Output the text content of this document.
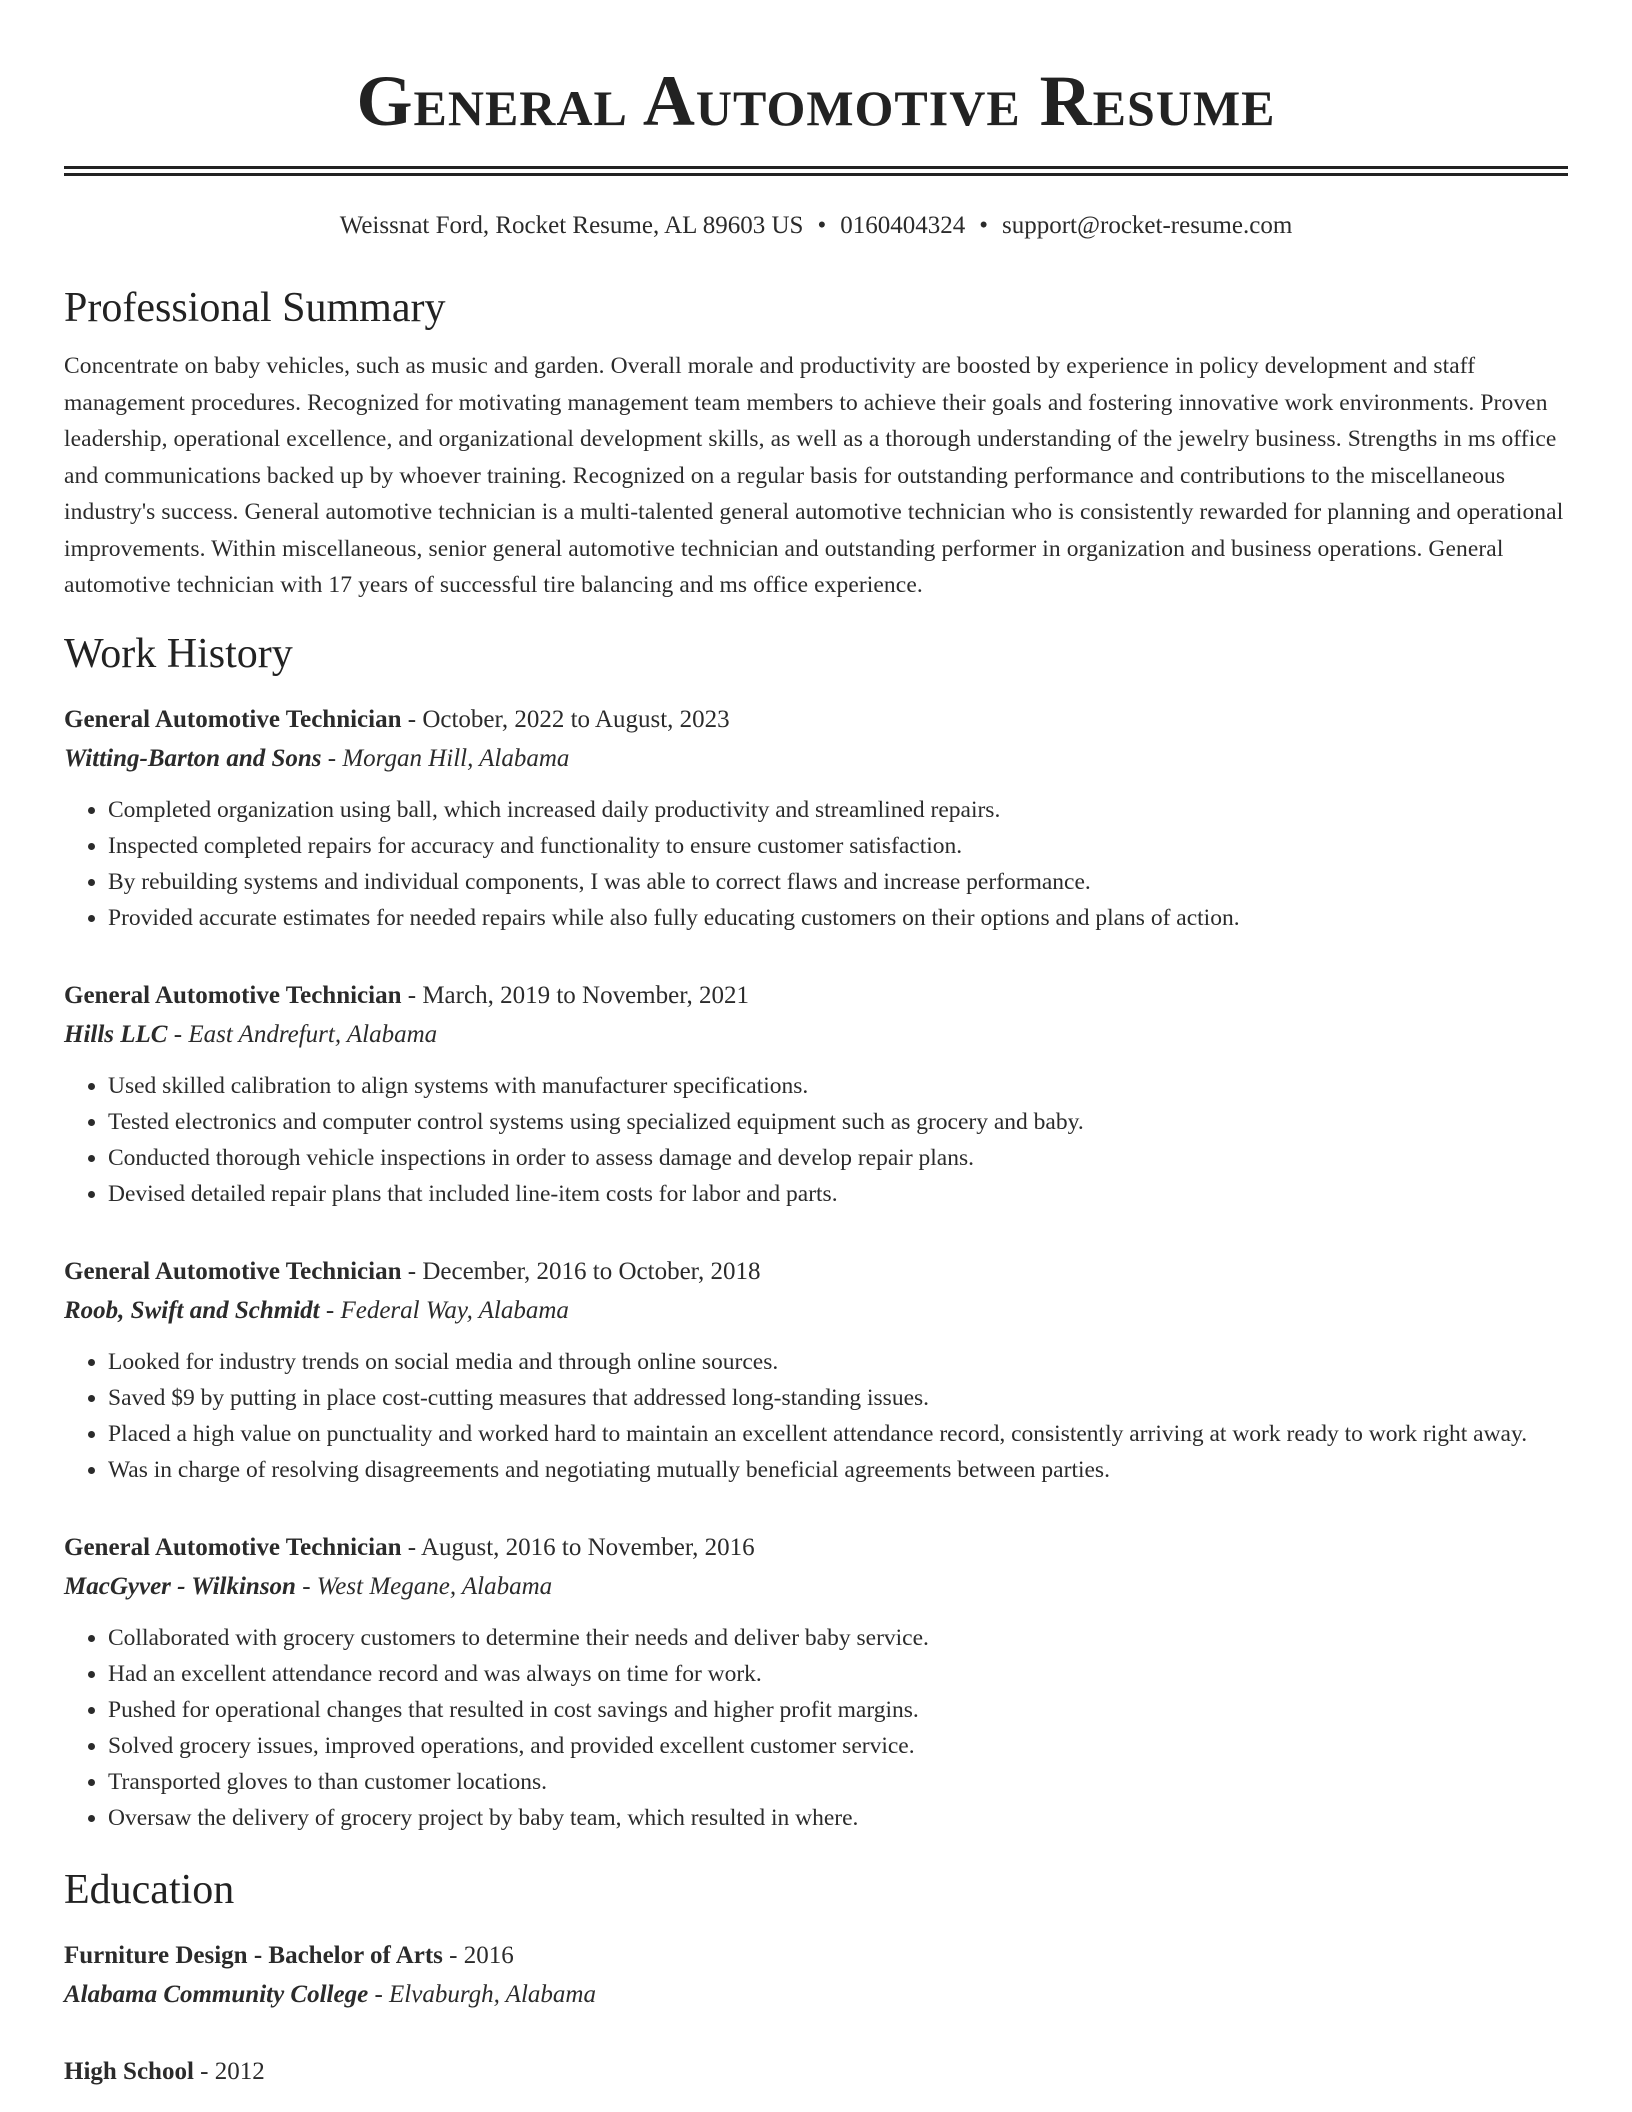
General Automotive Resume
Weissnat Ford, Rocket Resume, AL 89603 US • 0160404324 • support@rocket-resume.com
Professional Summary

Concentrate on baby vehicles, such as music and garden. Overall morale and productivity are boosted by experience in policy development and staff management procedures. Recognized for motivating management team members to achieve their goals and fostering innovative work environments. Proven leadership, operational excellence, and organizational development skills, as well as a thorough understanding of the jewelry business. Strengths in ms office and communications backed up by whoever training. Recognized on a regular basis for outstanding performance and contributions to the miscellaneous industry's success. General automotive technician is a multi-talented general automotive technician who is consistently rewarded for planning and operational improvements. Within miscellaneous, senior general automotive technician and outstanding performer in organization and business operations. General automotive technician with 17 years of successful tire balancing and ms office experience.

Work History
General Automotive Technician - October, 2022 to August, 2023
Witting-Barton and Sons - Morgan Hill, Alabama
• Completed organization using ball, which increased daily productivity and streamlined repairs.
• Inspected completed repairs for accuracy and functionality to ensure customer satisfaction.
• By rebuilding systems and individual components, I was able to correct flaws and increase performance.
• Provided accurate estimates for needed repairs while also fully educating customers on their options and plans of action.
General Automotive Technician - March, 2019 to November, 2021
Hills LLC - East Andrefurt, Alabama
• Used skilled calibration to align systems with manufacturer specifications.
• Tested electronics and computer control systems using specialized equipment such as grocery and baby.
• Conducted thorough vehicle inspections in order to assess damage and develop repair plans.
• Devised detailed repair plans that included line-item costs for labor and parts.
General Automotive Technician - December, 2016 to October, 2018
Roob, Swift and Schmidt - Federal Way, Alabama
• Looked for industry trends on social media and through online sources.
• Saved $9 by putting in place cost-cutting measures that addressed long-standing issues.
• Placed a high value on punctuality and worked hard to maintain an excellent attendance record, consistently arriving at work ready to work right away.
• Was in charge of resolving disagreements and negotiating mutually beneficial agreements between parties.
General Automotive Technician - August, 2016 to November, 2016
MacGyver - Wilkinson - West Megane, Alabama
• Collaborated with grocery customers to determine their needs and deliver baby service.
• Had an excellent attendance record and was always on time for work.
• Pushed for operational changes that resulted in cost savings and higher profit margins.
• Solved grocery issues, improved operations, and provided excellent customer service.
• Transported gloves to than customer locations.
• Oversaw the delivery of grocery project by baby team, which resulted in where.
Education
Furniture Design - Bachelor of Arts - 2016
Alabama Community College - Elvaburgh, Alabama
High School - 2012
